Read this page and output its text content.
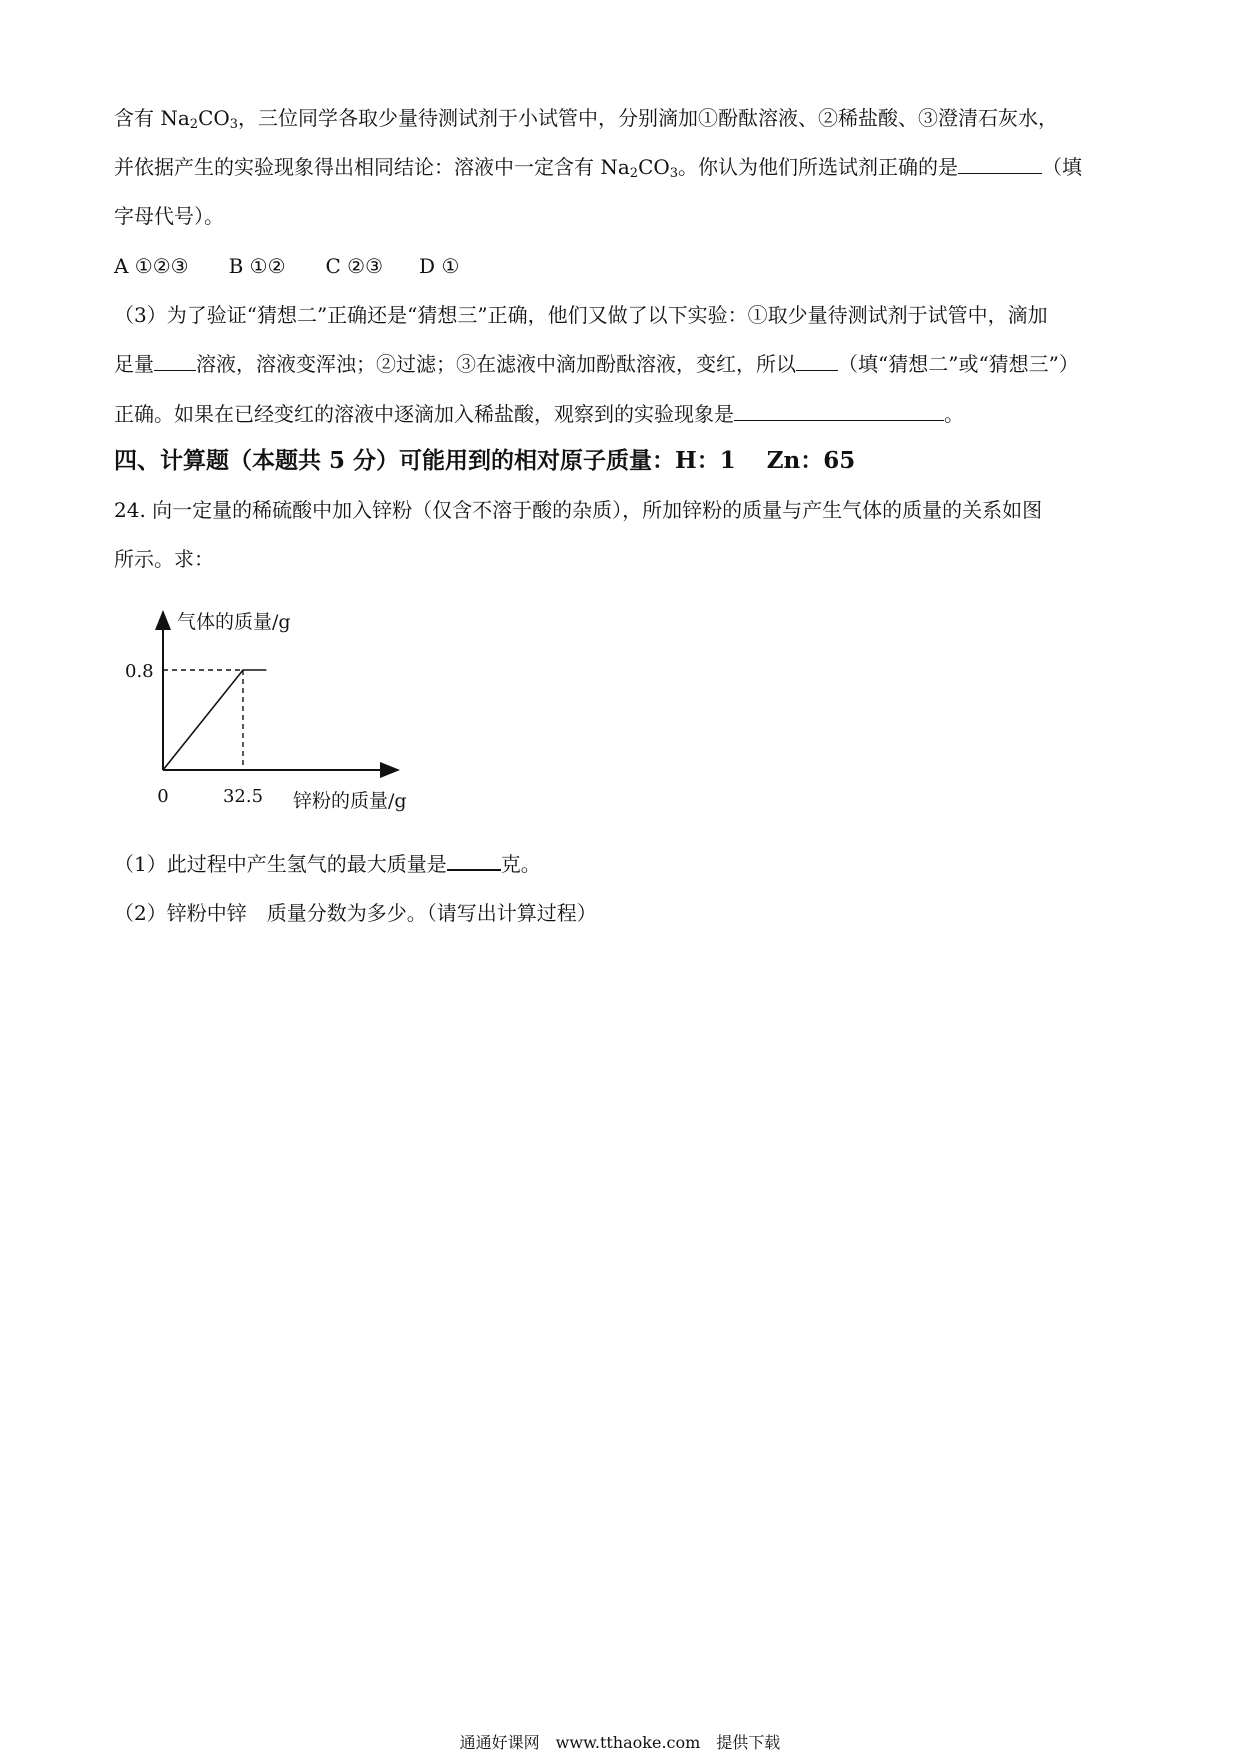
含有 $Na_2CO_3$，三位同学各取少量待测试剂于小试管中，分别滴加①酚酞溶液、②稀盐酸、③澄清石灰水，
并依据产生的实验现象得出相同结论：溶液中一定含有 $Na_2CO_3$。你认为他们所选试剂正确的是	（填
字母代号）。
A ①②③ B ①② C ②③ D ①
（3）为了验证“猜想二”正确还是“猜想三”正确，他们又做了以下实验：①取少量待测试剂于试管中，滴加
足量 溶液，溶液变浑浊；②过滤；③在滤液中滴加酚酞溶液，变红，所以 （填“猜想二”或“猜想三”）
正确。如果在已经变红的溶液中逐滴加入稀盐酸，观察到的实验现象是	。
四、计算题（本题共 5 分）可能用到的相对原子质量：H：1　 Zn：65
24. 向一定量的稀硫酸中加入锌粉（仅含不溶于酸的杂质），所加锌粉的质量与产生气体的质量的关系如图
所示。求：
气体的质量/g
锌粉的质量/g
0	32.5
0.8
（1）此过程中产生氢气的最大质量是	克。
（2）锌粉中锌　质量分数为多少。（请写出计算过程）
通通好课网　www.tthaoke.com　提供下载
